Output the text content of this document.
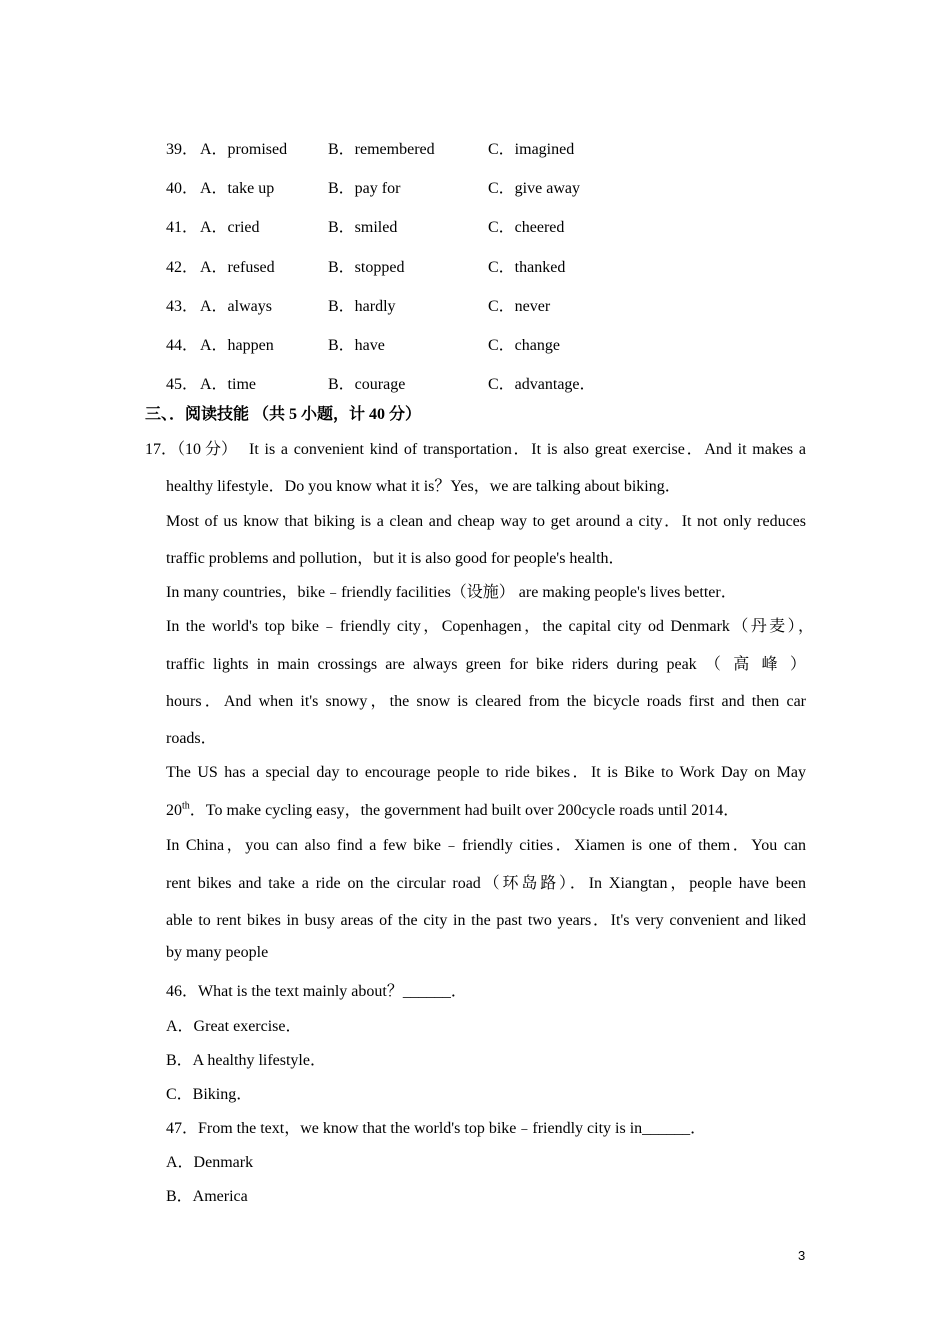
39． A．promised	B．remembered	C．imagined
40． A．take up	B．pay for	C．give away
41． A．cried	B．smiled	C．cheered
42． A．refused	B．stopped	C．thanked
43． A．always	B．hardly	C．never
44． A．happen	B．have	C．change
45． A．time	B．courage	C．advantage．
三、．阅读技能 （共 5 小题，计 40 分）
17．（10 分） It is a convenient kind of transportation．It is also great exercise．And it makes a
healthy lifestyle．Do you know what it is？Yes，we are talking about biking．
Most of us know that biking is a clean and cheap way to get around a city．It not only reduces
traffic problems and pollution，but it is also good for people's health．
In many countries，bike﹣friendly facilities（设施） are making people's lives better．
In the world's top bike﹣friendly city，Copenhagen，the capital city od Denmark（丹麦），
traffic lights in main crossings are always green for bike riders during peak （ 高 峰 ）
hours．And when it's snowy，the snow is cleared from the bicycle roads first and then car
roads．
The US has a special day to encourage people to ride bikes．It is Bike to Work Day on May
20th．To make cycling easy，the government had built over 200cycle roads until 2014．
In China，you can also find a few bike﹣friendly cities．Xiamen is one of them．You can
rent bikes and take a ride on the circular road（环岛路）．In Xiangtan，people have been
able to rent bikes in busy areas of the city in the past two years．It's very convenient and liked
by many people
46．What is the text mainly about？______．
A．Great exercise．
B．A healthy lifestyle．
C．Biking．
47．From the text，we know that the world's top bike﹣friendly city is in______．
A．Denmark
B．America
3
